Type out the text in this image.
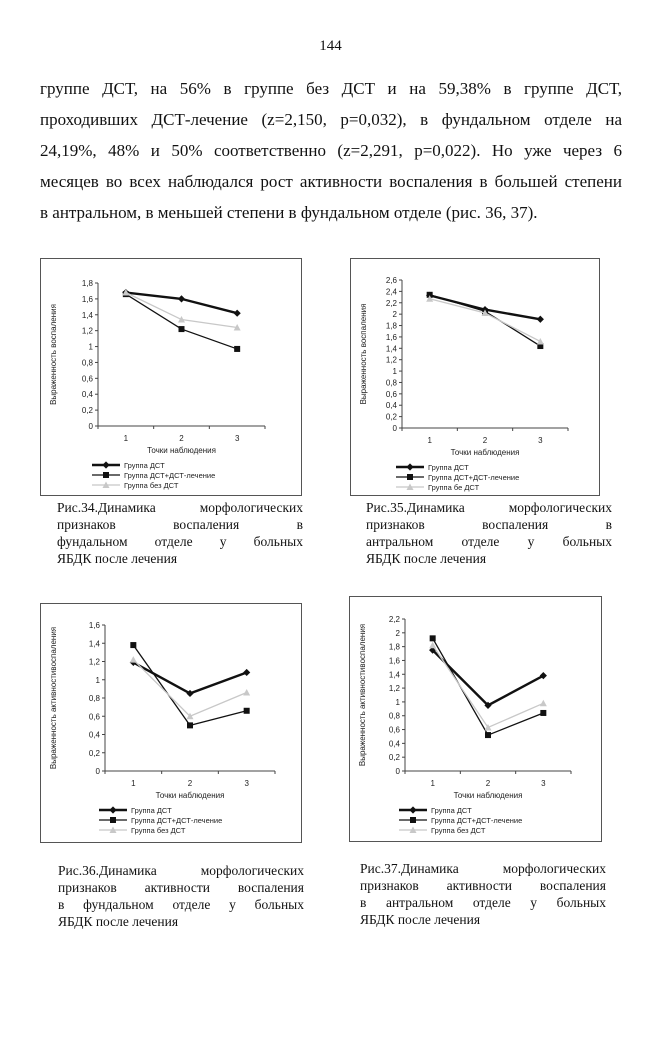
144
группе ДСТ, на 56% в группе без ДСТ и на 59,38% в группе ДСТ,
проходивших ДСТ-лечение (z=2,150, p=0,032), в фундальном отделе на
24,19%, 48% и 50% соответственно (z=2,291, p=0,022). Но уже через 6
месяцев во всех наблюдался рост активности воспаления в большей степени
в антральном, в меньшей степени в фундальном отделе (рис. 36, 37).
0
0,2
0,4
0,6
0,8
1
1,2
1,4
1,6
1,8
1	2	3
Точки наблюдения
Выраженность воспаления
Группа ДСТ
Группа ДСТ+ДСТ-лечение
Группа без ДСТ

Рис.34.Динамика морфологических
признаков воспаления в
фундальном отделе у больных
ЯБДК после лечения

0
0,2
0,4
0,6
0,8
1
1,2
1,4
1,6
1,8
2
2,2
2,4
2,6
1	2	3
Точки наблюдения
Выраженность воспаления
Группа ДСТ
Группа ДСТ+ДСТ-лечение
Группа бе ДСТ

Рис.35.Динамика морфологических
признаков воспаления в
антральном отделе у больных
ЯБДК после лечения

0
0,2
0,4
0,6
0,8
1
1,2
1,4
1,6
1	2	3
Точки наблюдения
Выраженность активностивоспаления
Группа ДСТ
Группа ДСТ+ДСТ-лечение
Группа без ДСТ

Рис.36.Динамика морфологических
признаков активности воспаления
в фундальном отделе у больных
ЯБДК после лечения

0
0,2
0,4
0,6
0,8
1
1,2
1,4
1,6
1,8
2
2,2
1	2	3
Точки наблюдения
Выраженность активностивоспаления
Группа ДСТ
Группа ДСТ+ДСТ-лечение
Группа без ДСТ

Рис.37.Динамика морфологических
признаков активности воспаления
в антральном отделе у больных
ЯБДК после лечения
